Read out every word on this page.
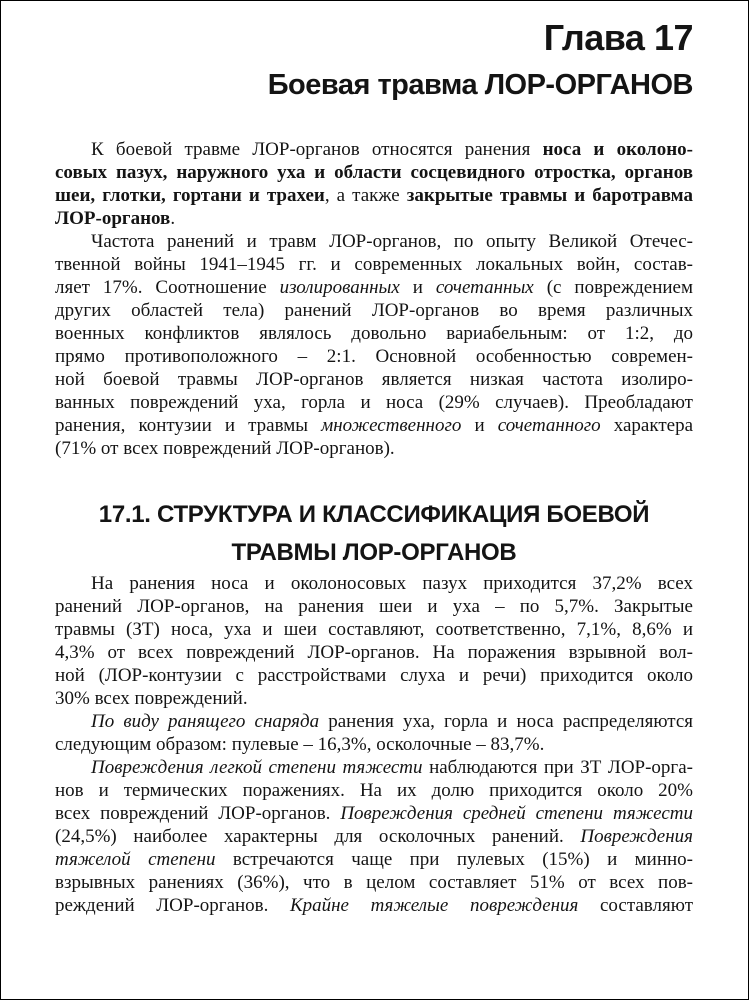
Глава 17
Боевая травма ЛОР-ОРГАНОВ
К боевой травме ЛОР-органов относятся ранения носа и околоно-
совых пазух, наружного уха и области сосцевидного отростка, органов
шеи, глотки, гортани и трахеи, а также закрытые травмы и баротравма
ЛОР-органов.
Частота ранений и травм ЛОР-органов, по опыту Великой Отечес-
твенной войны 1941–1945 гг. и современных локальных войн, состав-
ляет 17%. Соотношение изолированных и сочетанных (с повреждением
других областей тела) ранений ЛОР-органов во время различных
военных конфликтов являлось довольно вариабельным: от 1:2, до
прямо противоположного – 2:1. Основной особенностью современ-
ной боевой травмы ЛОР-органов является низкая частота изолиро-
ванных повреждений уха, горла и носа (29% случаев). Преобладают
ранения, контузии и травмы множественного и сочетанного характера
(71% от всех повреждений ЛОР-органов).
17.1. СТРУКТУРА И КЛАССИФИКАЦИЯ БОЕВОЙ
ТРАВМЫ ЛОР-ОРГАНОВ
На ранения носа и околоносовых пазух приходится 37,2% всех
ранений ЛОР-органов, на ранения шеи и уха – по 5,7%. Закрытые
травмы (ЗТ) носа, уха и шеи составляют, соответственно, 7,1%, 8,6% и
4,3% от всех повреждений ЛОР-органов. На поражения взрывной вол-
ной (ЛОР-контузии с расстройствами слуха и речи) приходится около
30% всех повреждений.
По виду ранящего снаряда ранения уха, горла и носа распределяются
следующим образом: пулевые – 16,3%, осколочные – 83,7%.
Повреждения легкой степени тяжести наблюдаются при ЗТ ЛОР-орга-
нов и термических поражениях. На их долю приходится около 20%
всех повреждений ЛОР-органов. Повреждения средней степени тяжести
(24,5%) наиболее характерны для осколочных ранений. Повреждения
тяжелой степени встречаются чаще при пулевых (15%) и минно-
взрывных ранениях (36%), что в целом составляет 51% от всех пов-
реждений ЛОР-органов. Крайне тяжелые повреждения составляют
